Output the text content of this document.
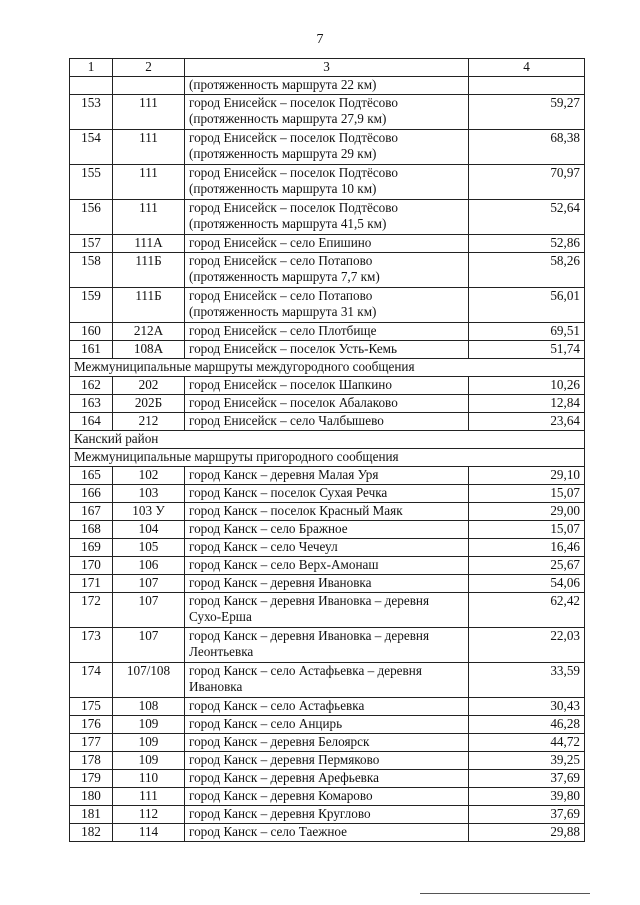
7
1	2	3	4

		(протяженность маршрута 22 км)	

153	111	город Енисейск – поселок Подтёсово
(протяженность маршрута 27,9 км)	59,27
154	111	город Енисейск – поселок Подтёсово
(протяженность маршрута 29 км)	68,38
155	111	город Енисейск – поселок Подтёсово
(протяженность маршрута 10 км)	70,97
156	111	город Енисейск – поселок Подтёсово
(протяженность маршрута 41,5 км)	52,64
157	111А	город Енисейск – село Епишино	52,86
158	111Б	город Енисейск – село Потапово
(протяженность маршрута 7,7 км)	58,26
159	111Б	город Енисейск – село Потапово
(протяженность маршрута 31 км)	56,01
160	212А	город Енисейск – село Плотбище	69,51
161	108А	город Енисейск – поселок Усть-Кемь	51,74
Межмуниципальные маршруты междугородного сообщения			
162	202	город Енисейск – поселок Шапкино	10,26
163	202Б	город Енисейск – поселок Абалаково	12,84
164	212	город Енисейск – село Чалбышево	23,64
Канский район			
Межмуниципальные маршруты пригородного сообщения			
165	102	город Канск – деревня Малая Уря	29,10
166	103	город Канск – поселок Сухая Речка	15,07
167	103 У	город Канск – поселок Красный Маяк	29,00
168	104	город Канск – село Бражное	15,07
169	105	город Канск – село Чечеул	16,46
170	106	город Канск – село Верх-Амонаш	25,67
171	107	город Канск – деревня Ивановка	54,06
172	107	город Канск – деревня Ивановка – деревня
Сухо-Ерша	62,42
173	107	город Канск – деревня Ивановка – деревня
Леонтьевка	22,03
174	107/108	город Канск – село Астафьевка – деревня
Ивановка	33,59
175	108	город Канск – село Астафьевка	30,43
176	109	город Канск – село Анцирь	46,28
177	109	город Канск – деревня Белоярск	44,72
178	109	город Канск – деревня Пермяково	39,25
179	110	город Канск – деревня Арефьевка	37,69
180	111	город Канск – деревня Комарово	39,80
181	112	город Канск – деревня Круглово	37,69
182	114	город Канск – село Таежное	29,88
